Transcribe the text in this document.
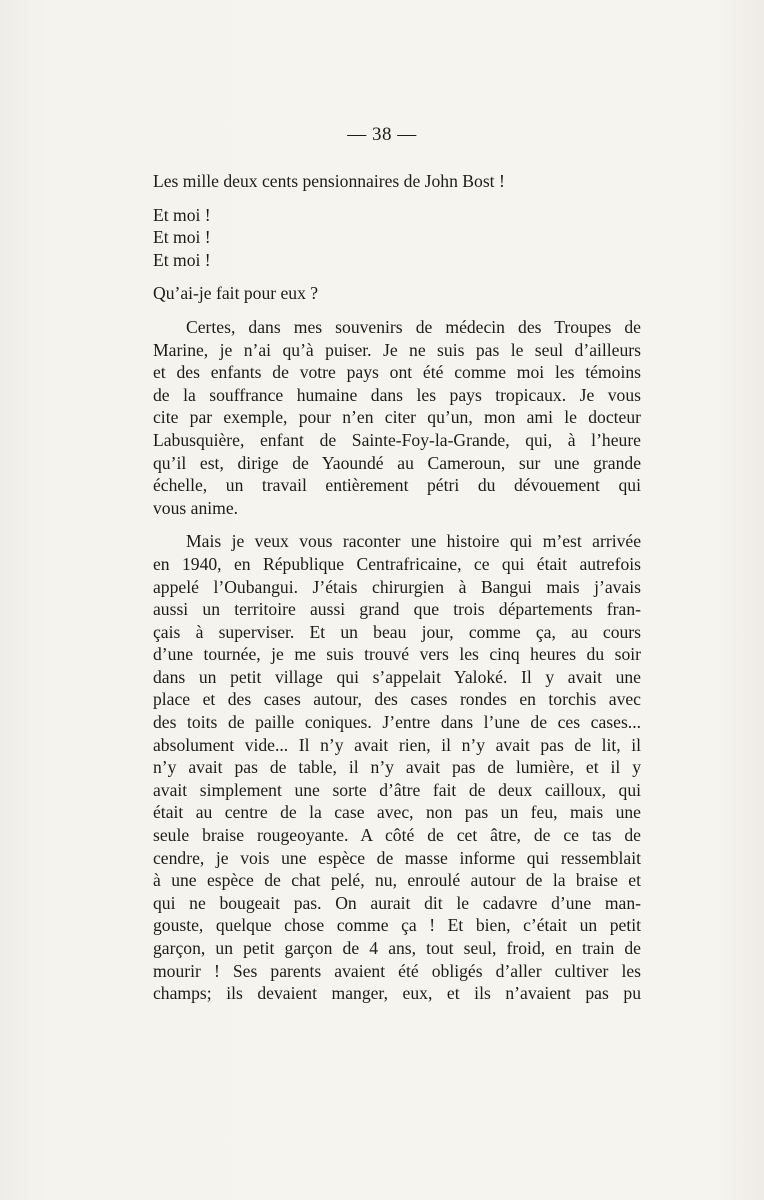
— 38 —

Les mille deux cents pensionnaires de John Bost !

Et moi !
Et moi !
Et moi !

Qu’ai-je fait pour eux ?

Certes, dans mes souvenirs de médecin des Troupes de
Marine, je n’ai qu’à puiser. Je ne suis pas le seul d’ailleurs
et des enfants de votre pays ont été comme moi les témoins
de la souffrance humaine dans les pays tropicaux. Je vous
cite par exemple, pour n’en citer qu’un, mon ami le docteur
Labusquière, enfant de Sainte-Foy-la-Grande, qui, à l’heure
qu’il est, dirige de Yaoundé au Cameroun, sur une grande
échelle, un travail entièrement pétri du dévouement qui
vous anime.

Mais je veux vous raconter une histoire qui m’est arrivée
en 1940, en République Centrafricaine, ce qui était autrefois
appelé l’Oubangui. J’étais chirurgien à Bangui mais j’avais
aussi un territoire aussi grand que trois départements fran-
çais à superviser. Et un beau jour, comme ça, au cours
d’une tournée, je me suis trouvé vers les cinq heures du soir
dans un petit village qui s’appelait Yaloké. Il y avait une
place et des cases autour, des cases rondes en torchis avec
des toits de paille coniques. J’entre dans l’une de ces cases...
absolument vide... Il n’y avait rien, il n’y avait pas de lit, il
n’y avait pas de table, il n’y avait pas de lumière, et il y
avait simplement une sorte d’âtre fait de deux cailloux, qui
était au centre de la case avec, non pas un feu, mais une
seule braise rougeoyante. A côté de cet âtre, de ce tas de
cendre, je vois une espèce de masse informe qui ressemblait
à une espèce de chat pelé, nu, enroulé autour de la braise et
qui ne bougeait pas. On aurait dit le cadavre d’une man-
gouste, quelque chose comme ça ! Et bien, c’était un petit
garçon, un petit garçon de 4 ans, tout seul, froid, en train de
mourir ! Ses parents avaient été obligés d’aller cultiver les
champs; ils devaient manger, eux, et ils n’avaient pas pu
